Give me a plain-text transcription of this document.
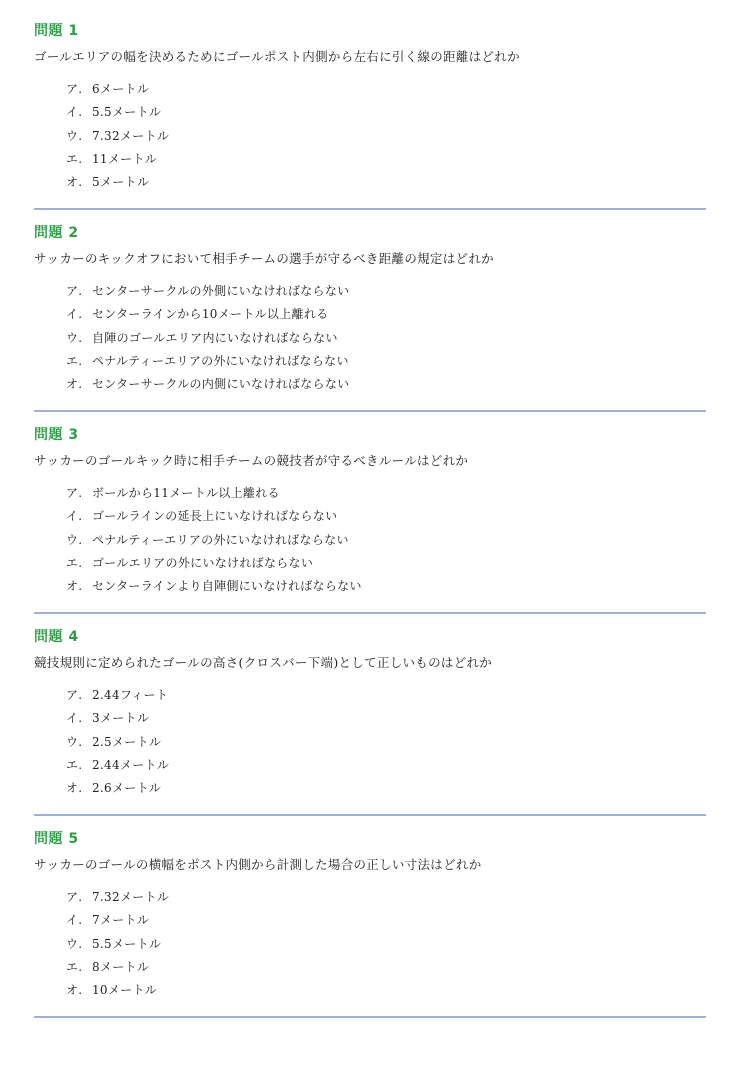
問題 1
ゴールエリアの幅を決めるためにゴールポスト内側から左右に引く線の距離はどれか
ア. 6メートル
イ. 5.5メートル
ウ. 7.32メートル
エ. 11メートル
オ. 5メートル
問題 2
サッカーのキックオフにおいて相手チームの選手が守るべき距離の規定はどれか
ア. センターサークルの外側にいなければならない
イ. センターラインから10メートル以上離れる
ウ. 自陣のゴールエリア内にいなければならない
エ. ペナルティーエリアの外にいなければならない
オ. センターサークルの内側にいなければならない
問題 3
サッカーのゴールキック時に相手チームの競技者が守るべきルールはどれか
ア. ボールから11メートル以上離れる
イ. ゴールラインの延長上にいなければならない
ウ. ペナルティーエリアの外にいなければならない
エ. ゴールエリアの外にいなければならない
オ. センターラインより自陣側にいなければならない
問題 4
競技規則に定められたゴールの高さ(クロスバー下端)として正しいものはどれか
ア. 2.44フィート
イ. 3メートル
ウ. 2.5メートル
エ. 2.44メートル
オ. 2.6メートル
問題 5
サッカーのゴールの横幅をポスト内側から計測した場合の正しい寸法はどれか
ア. 7.32メートル
イ. 7メートル
ウ. 5.5メートル
エ. 8メートル
オ. 10メートル
